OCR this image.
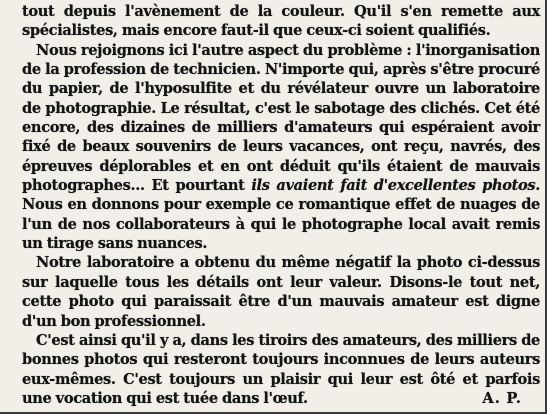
tout depuis l'avènement de la couleur. Qu'il s'en remette aux spécialistes, mais encore faut-il que ceux-ci soient qualifiés.

Nous rejoignons ici l'autre aspect du problème : l'inorganisation de la profession de technicien. N'importe qui, après s'être procuré du papier, de l'hyposulfite et du révélateur ouvre un laboratoire de photographie. Le résultat, c'est le sabotage des clichés. Cet été encore, des dizaines de milliers d'amateurs qui espéraient avoir fixé de beaux souvenirs de leurs vacances, ont reçu, navrés, des épreuves déplorables et en ont déduit qu'ils étaient de mauvais photographes... Et pourtant ils avaient fait d'excellentes photos. Nous en donnons pour exemple ce romantique effet de nuages de l'un de nos collaborateurs à qui le photographe local avait remis un tirage sans nuances.

Notre laboratoire a obtenu du même négatif la photo ci-dessus sur laquelle tous les détails ont leur valeur. Disons-le tout net, cette photo qui paraissait être d'un mauvais amateur est digne d'un bon professionnel.

C'est ainsi qu'il y a, dans les tiroirs des amateurs, des milliers de bonnes photos qui resteront toujours inconnues de leurs auteurs eux-mêmes. C'est toujours un plaisir qui leur est ôté et parfois une vocation qui est tuée dans l'œuf.	A. P.
